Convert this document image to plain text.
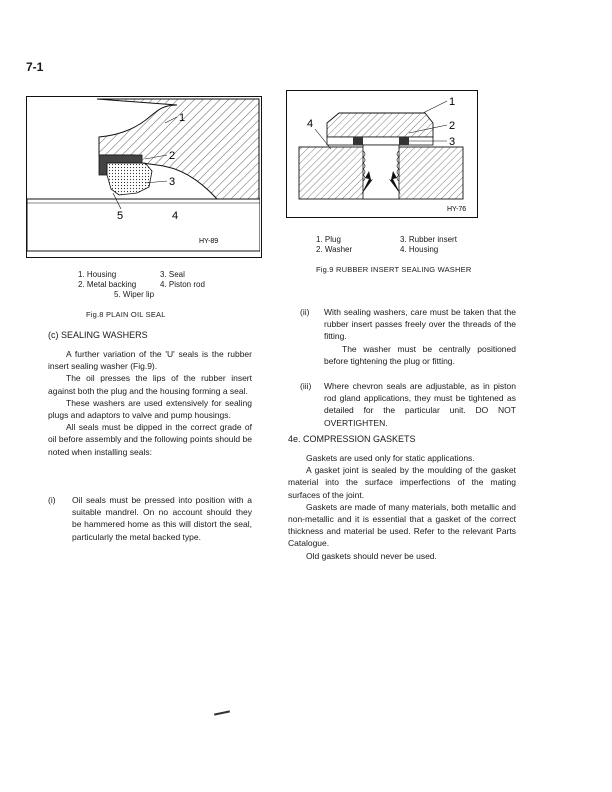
7-1
1
2
3
5	4
HY-89
1. Housing	3. Seal
2. Metal backing	4. Piston rod
5. Wiper lip
Fig.8 PLAIN OIL SEAL
1
2
3
4
HY-76
1. Plug	3. Rubber insert
2. Washer	4. Housing
Fig.9 RUBBER INSERT SEALING WASHER
(c) SEALING WASHERS

A further variation of the 'U' seals is the rubber insert sealing washer (Fig.9).

The oil presses the lips of the rubber insert against both the plug and the housing forming a seal.

These washers are used extensively for sealing plugs and adaptors to valve and pump housings.

All seals must be dipped in the correct grade of oil before assembly and the following points should be noted when installing seals:

(i)	Oil seals must be pressed into position with a suitable mandrel. On no account should they be hammered home as this will distort the seal, particularly the metal backed type.
(ii)	With sealing washers, care must be taken that the rubber insert passes freely over the threads of the fitting.
The washer must be centrally positioned before tightening the plug or fitting.
(iii)	Where chevron seals are adjustable, as in piston rod gland applications, they must be tightened as detailed for the particular unit. DO NOT OVERTIGHTEN.
4e. COMPRESSION GASKETS

Gaskets are used only for static applications.

A gasket joint is sealed by the moulding of the gasket material into the surface imperfections of the mating surfaces of the joint.

Gaskets are made of many materials, both metallic and non-metallic and it is essential that a gasket of the correct thickness and material be used. Refer to the relevant Parts Catalogue.

Old gaskets should never be used.
